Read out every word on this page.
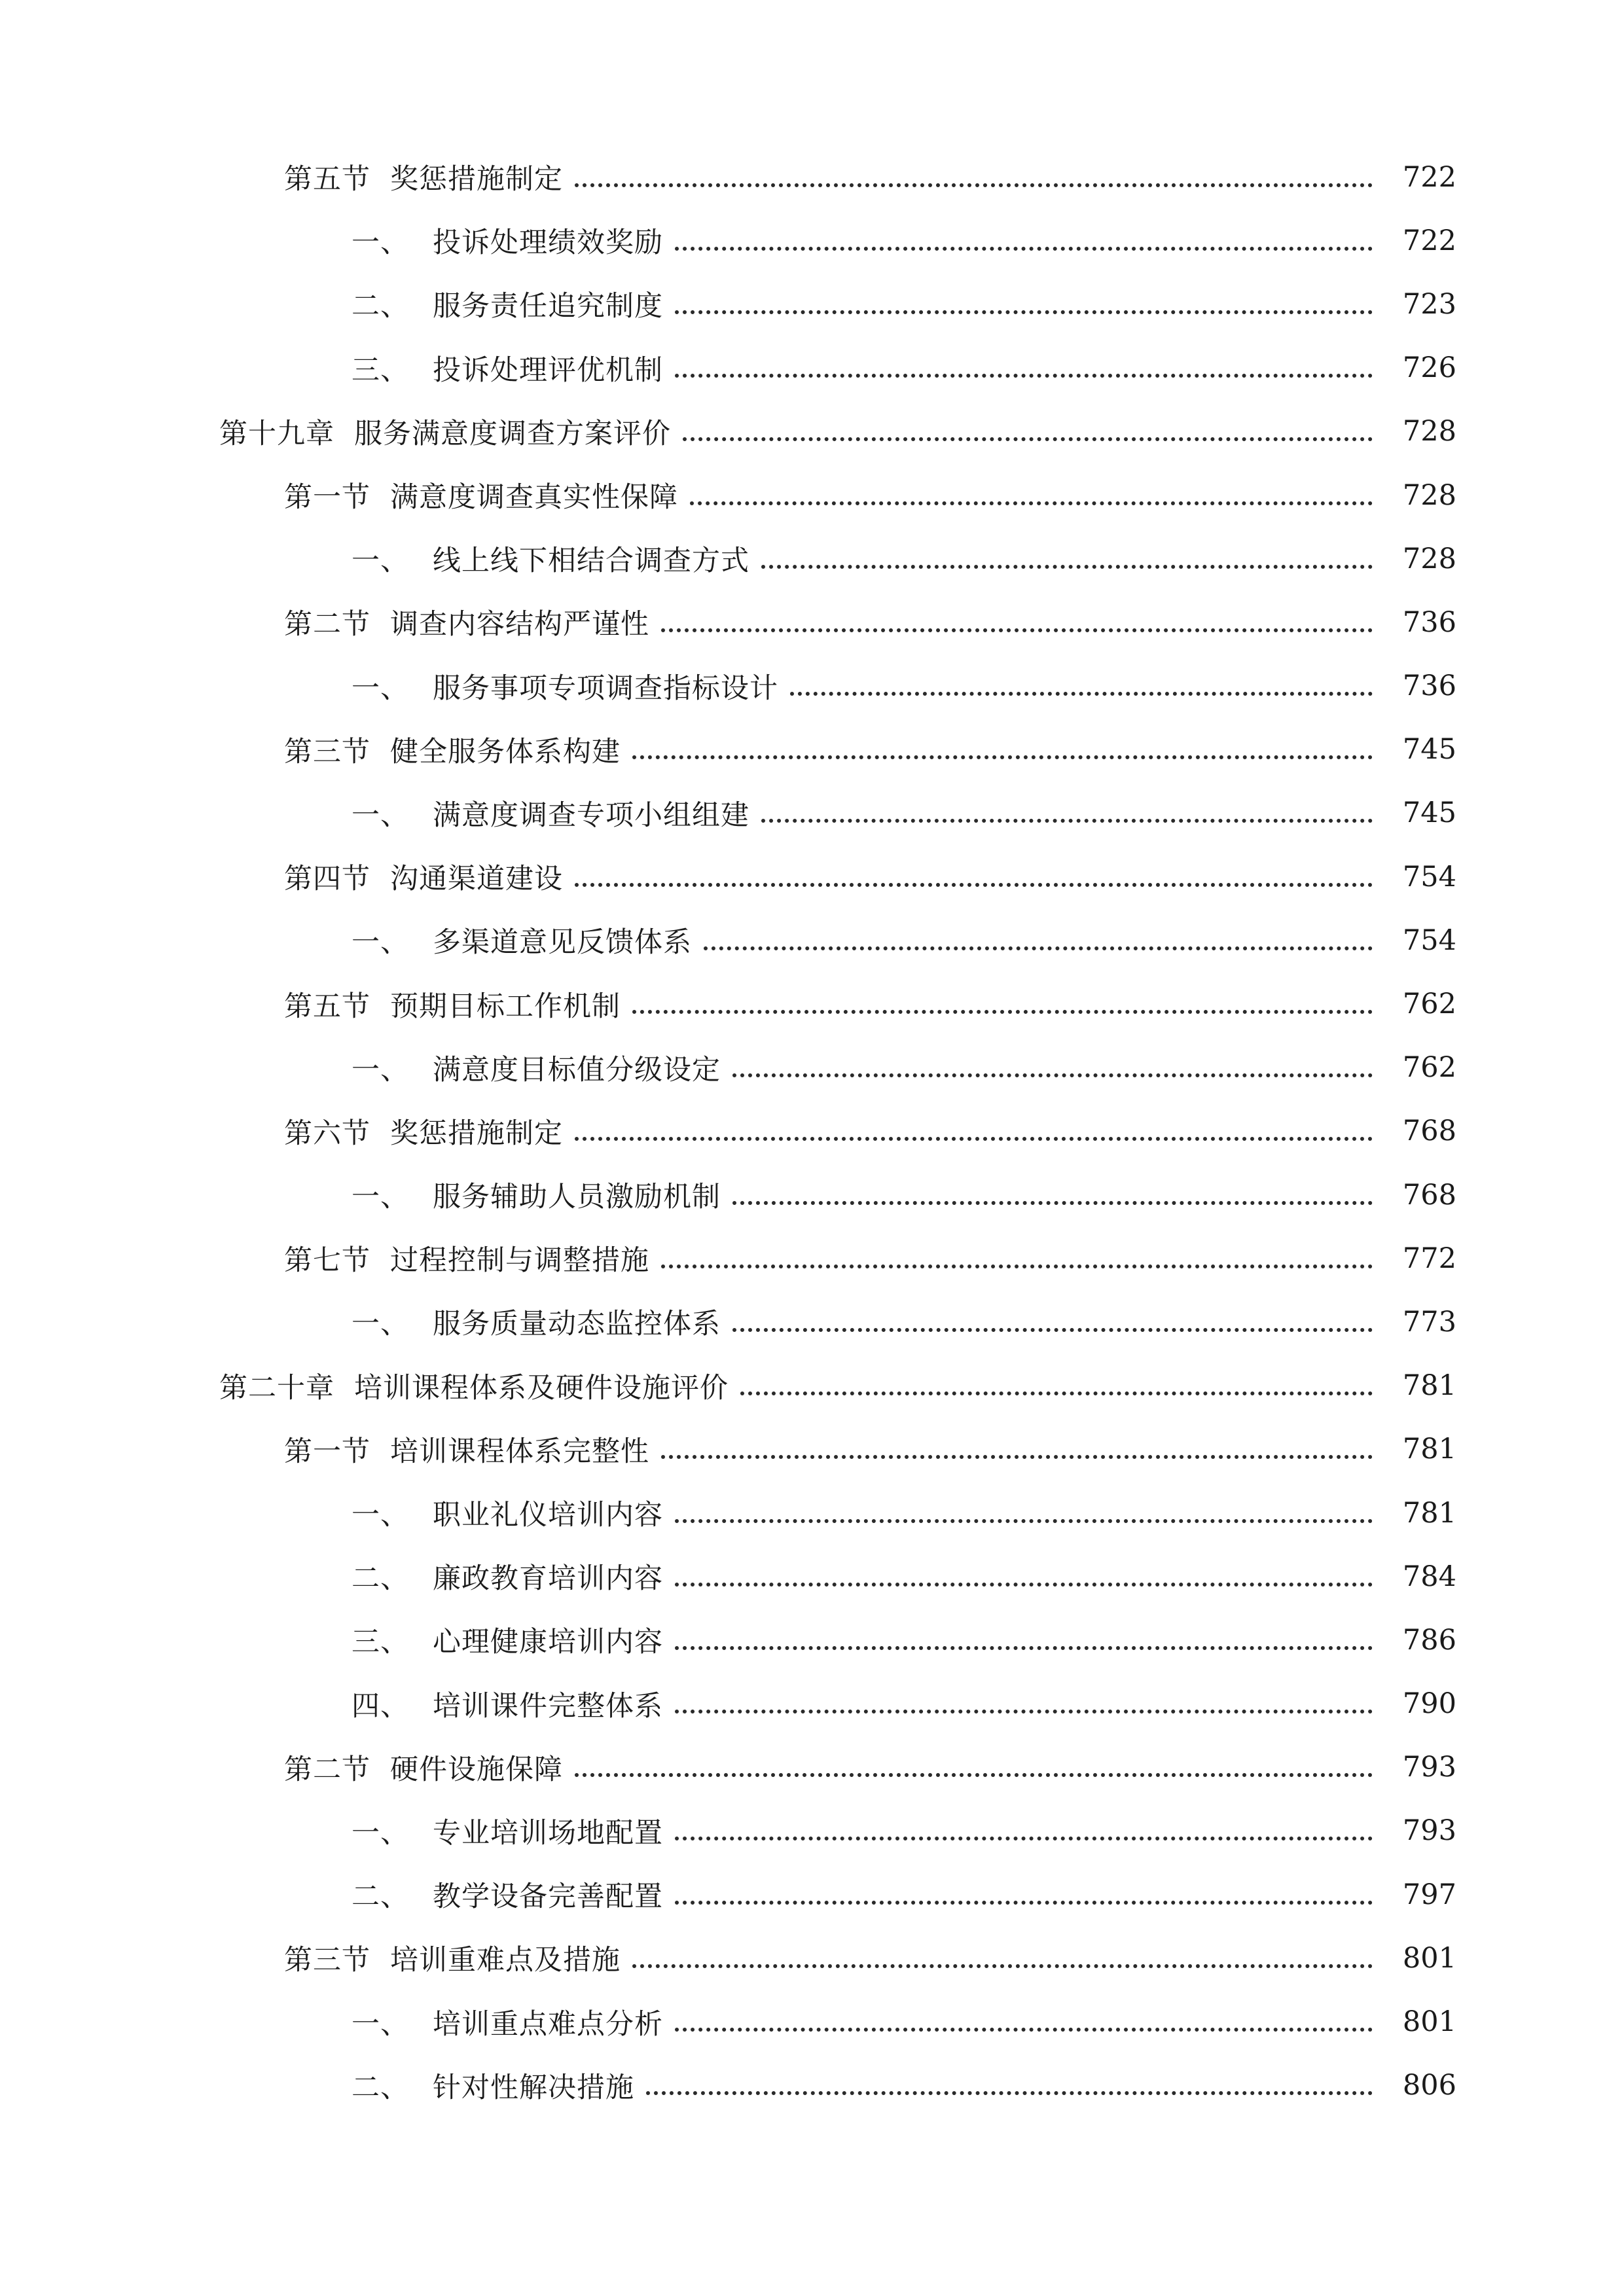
第五节 奖惩措施制定	722
一、 投诉处理绩效奖励	722
二、 服务责任追究制度	723
三、 投诉处理评优机制	726
第十九章 服务满意度调查方案评价	728
第一节 满意度调查真实性保障	728
一、 线上线下相结合调查方式	728
第二节 调查内容结构严谨性	736
一、 服务事项专项调查指标设计	736
第三节 健全服务体系构建	745
一、 满意度调查专项小组组建	745
第四节 沟通渠道建设	754
一、 多渠道意见反馈体系	754
第五节 预期目标工作机制	762
一、 满意度目标值分级设定	762
第六节 奖惩措施制定	768
一、 服务辅助人员激励机制	768
第七节 过程控制与调整措施	772
一、 服务质量动态监控体系	773
第二十章 培训课程体系及硬件设施评价	781
第一节 培训课程体系完整性	781
一、 职业礼仪培训内容	781
二、 廉政教育培训内容	784
三、 心理健康培训内容	786
四、 培训课件完整体系	790
第二节 硬件设施保障	793
一、 专业培训场地配置	793
二、 教学设备完善配置	797
第三节 培训重难点及措施	801
一、 培训重点难点分析	801
二、 针对性解决措施	806
